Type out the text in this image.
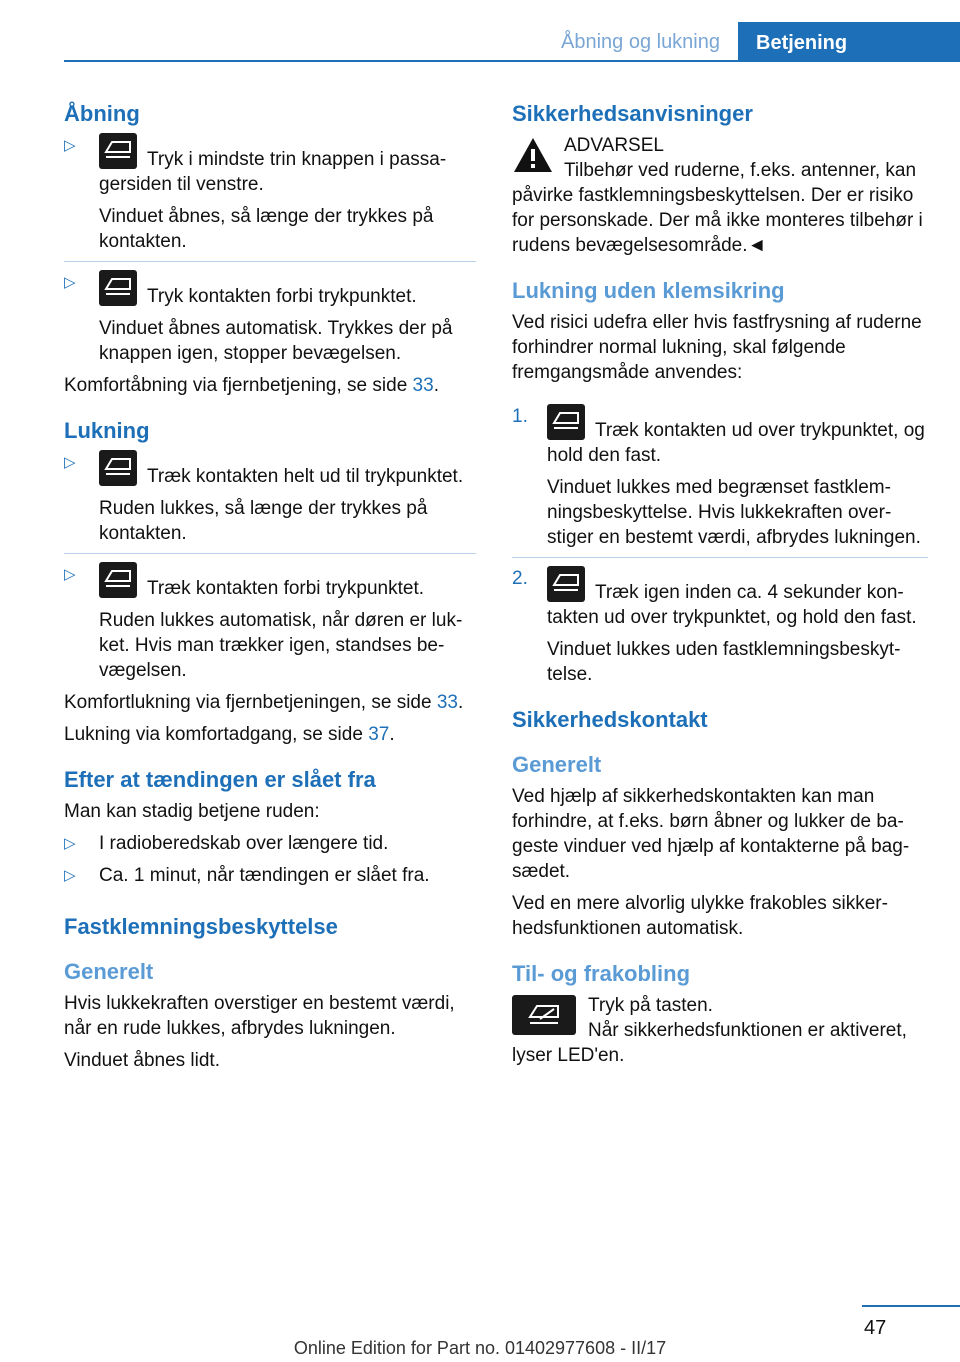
Åbning og lukning	Betjening
Åbning
▷

Tryk i mindste trin knappen i passagersiden til venstre.

Vinduet åbnes, så længe der trykkes på kontakten.

▷

Tryk kontakten forbi trykpunktet.

Vinduet åbnes automatisk. Trykkes der på knappen igen, stopper bevægelsen.

Komfortåbning via fjernbetjening, se side 33.

Lukning
▷

Træk kontakten helt ud til trykpunktet.

Ruden lukkes, så længe der trykkes på kontakten.

▷

Træk kontakten forbi trykpunktet.

Ruden lukkes automatisk, når døren er lukket. Hvis man trækker igen, standses bevægelsen.

Komfortlukning via fjernbetjeningen, se side 33.

Lukning via komfortadgang, se side 37.

Efter at tændingen er slået fra

Man kan stadig betjene ruden:

▷ I radioberedskab over længere tid.

▷ Ca. 1 minut, når tændingen er slået fra.

Fastklemningsbeskyttelse
Generelt

Hvis lukkekraften overstiger en bestemt værdi, når en rude lukkes, afbrydes lukningen.

Vinduet åbnes lidt.

Sikkerhedsanvisninger

ADVARSEL

Tilbehør ved ruderne, f.eks. antenner, kan påvirke fastklemningsbeskyttelsen. Der er risiko for personskade. Der må ikke monteres tilbehør i rudens bevægelsesområde.◄

Lukning uden klemsikring

Ved risici udefra eller hvis fastfrysning af ruderne forhindrer normal lukning, skal følgende fremgangsmåde anvendes:

1.

Træk kontakten ud over trykpunktet, og hold den fast.

Vinduet lukkes med begrænset fastklemningsbeskyttelse. Hvis lukkekraften overstiger en bestemt værdi, afbrydes lukningen.

2.

Træk igen inden ca. 4 sekunder kontakten ud over trykpunktet, og hold den fast.

Vinduet lukkes uden fastklemningsbeskyttelse.

Sikkerhedskontakt
Generelt

Ved hjælp af sikkerhedskontakten kan man forhindre, at f.eks. børn åbner og lukker de bageste vinduer ved hjælp af kontakterne på bagsædet.

Ved en mere alvorlig ulykke frakobles sikkerhedsfunktionen automatisk.

Til- og frakobling

Tryk på tasten.

Når sikkerhedsfunktionen er aktiveret, lyser LED'en.

47
Online Edition for Part no. 01402977608 - II/17
